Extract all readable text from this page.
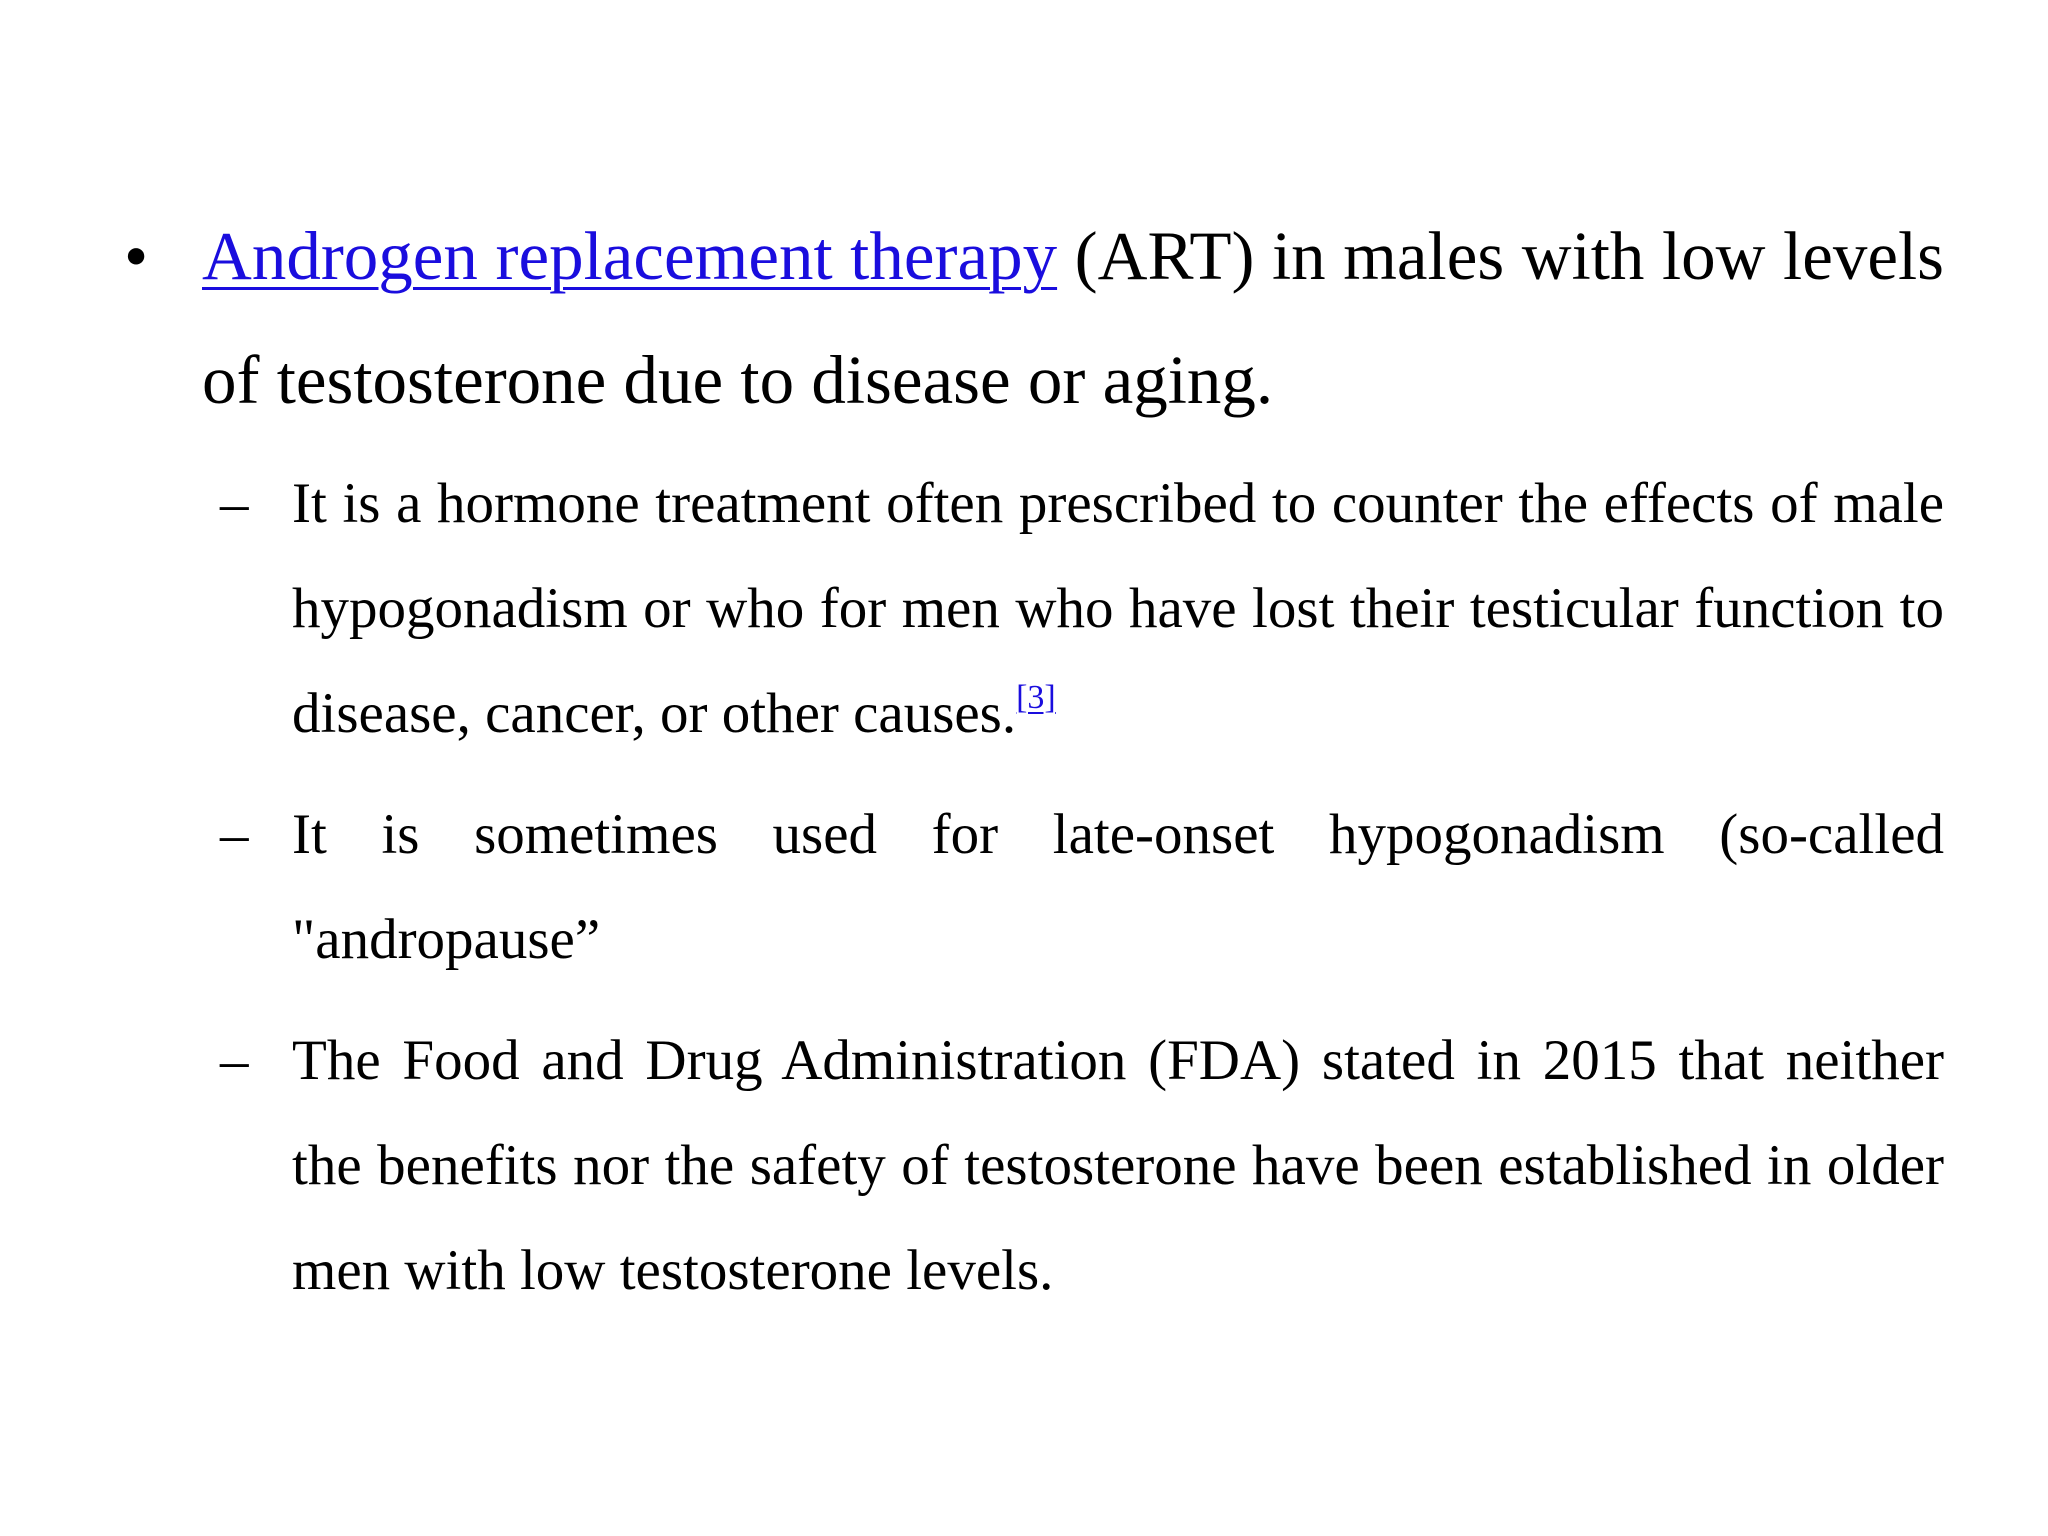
• Androgen replacement therapy (ART) in males with low levels of testosterone due to disease or aging.
– It is a hormone treatment often prescribed to counter the effects of male hypogonadism or who for men who have lost their testicular function to disease, cancer, or other causes.[3]
– It is sometimes used for late-onset hypogonadism (so-called "andropause”
– The Food and Drug Administration (FDA) stated in 2015 that neither the benefits nor the safety of testosterone have been established in older men with low testosterone levels.
